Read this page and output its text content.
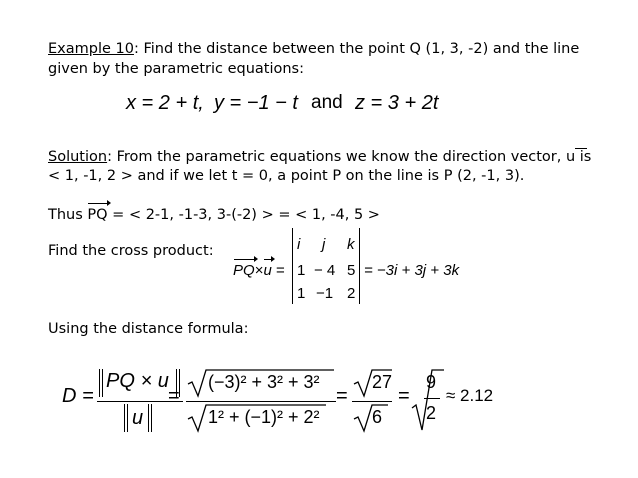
Example 10: Find the distance between the point Q (1, 3, -2) and the line
given by the parametric equations:
x = 2 + t, y = −1 − t and z = 3 + 2t
Solution: From the parametric equations we know the direction vector, u is
< 1, -1, 2 > and if we let t = 0, a point P on the line is P (2, -1, 3).
Thus PQ = < 2-1, -1-3, 3-(-2) > = < 1, -4, 5 >
Find the cross product:
PQ×u =
i j k
1 − 4 5
1 −1 2
= −3i + 3j + 3k
Using the distance formula:
D = ‖ PQ × u ‖
‖ u ‖
=
(−3)² + 3² + 3²
1² + (−1)² + 2²
=
27
6
=
9
2
≈ 2.12
